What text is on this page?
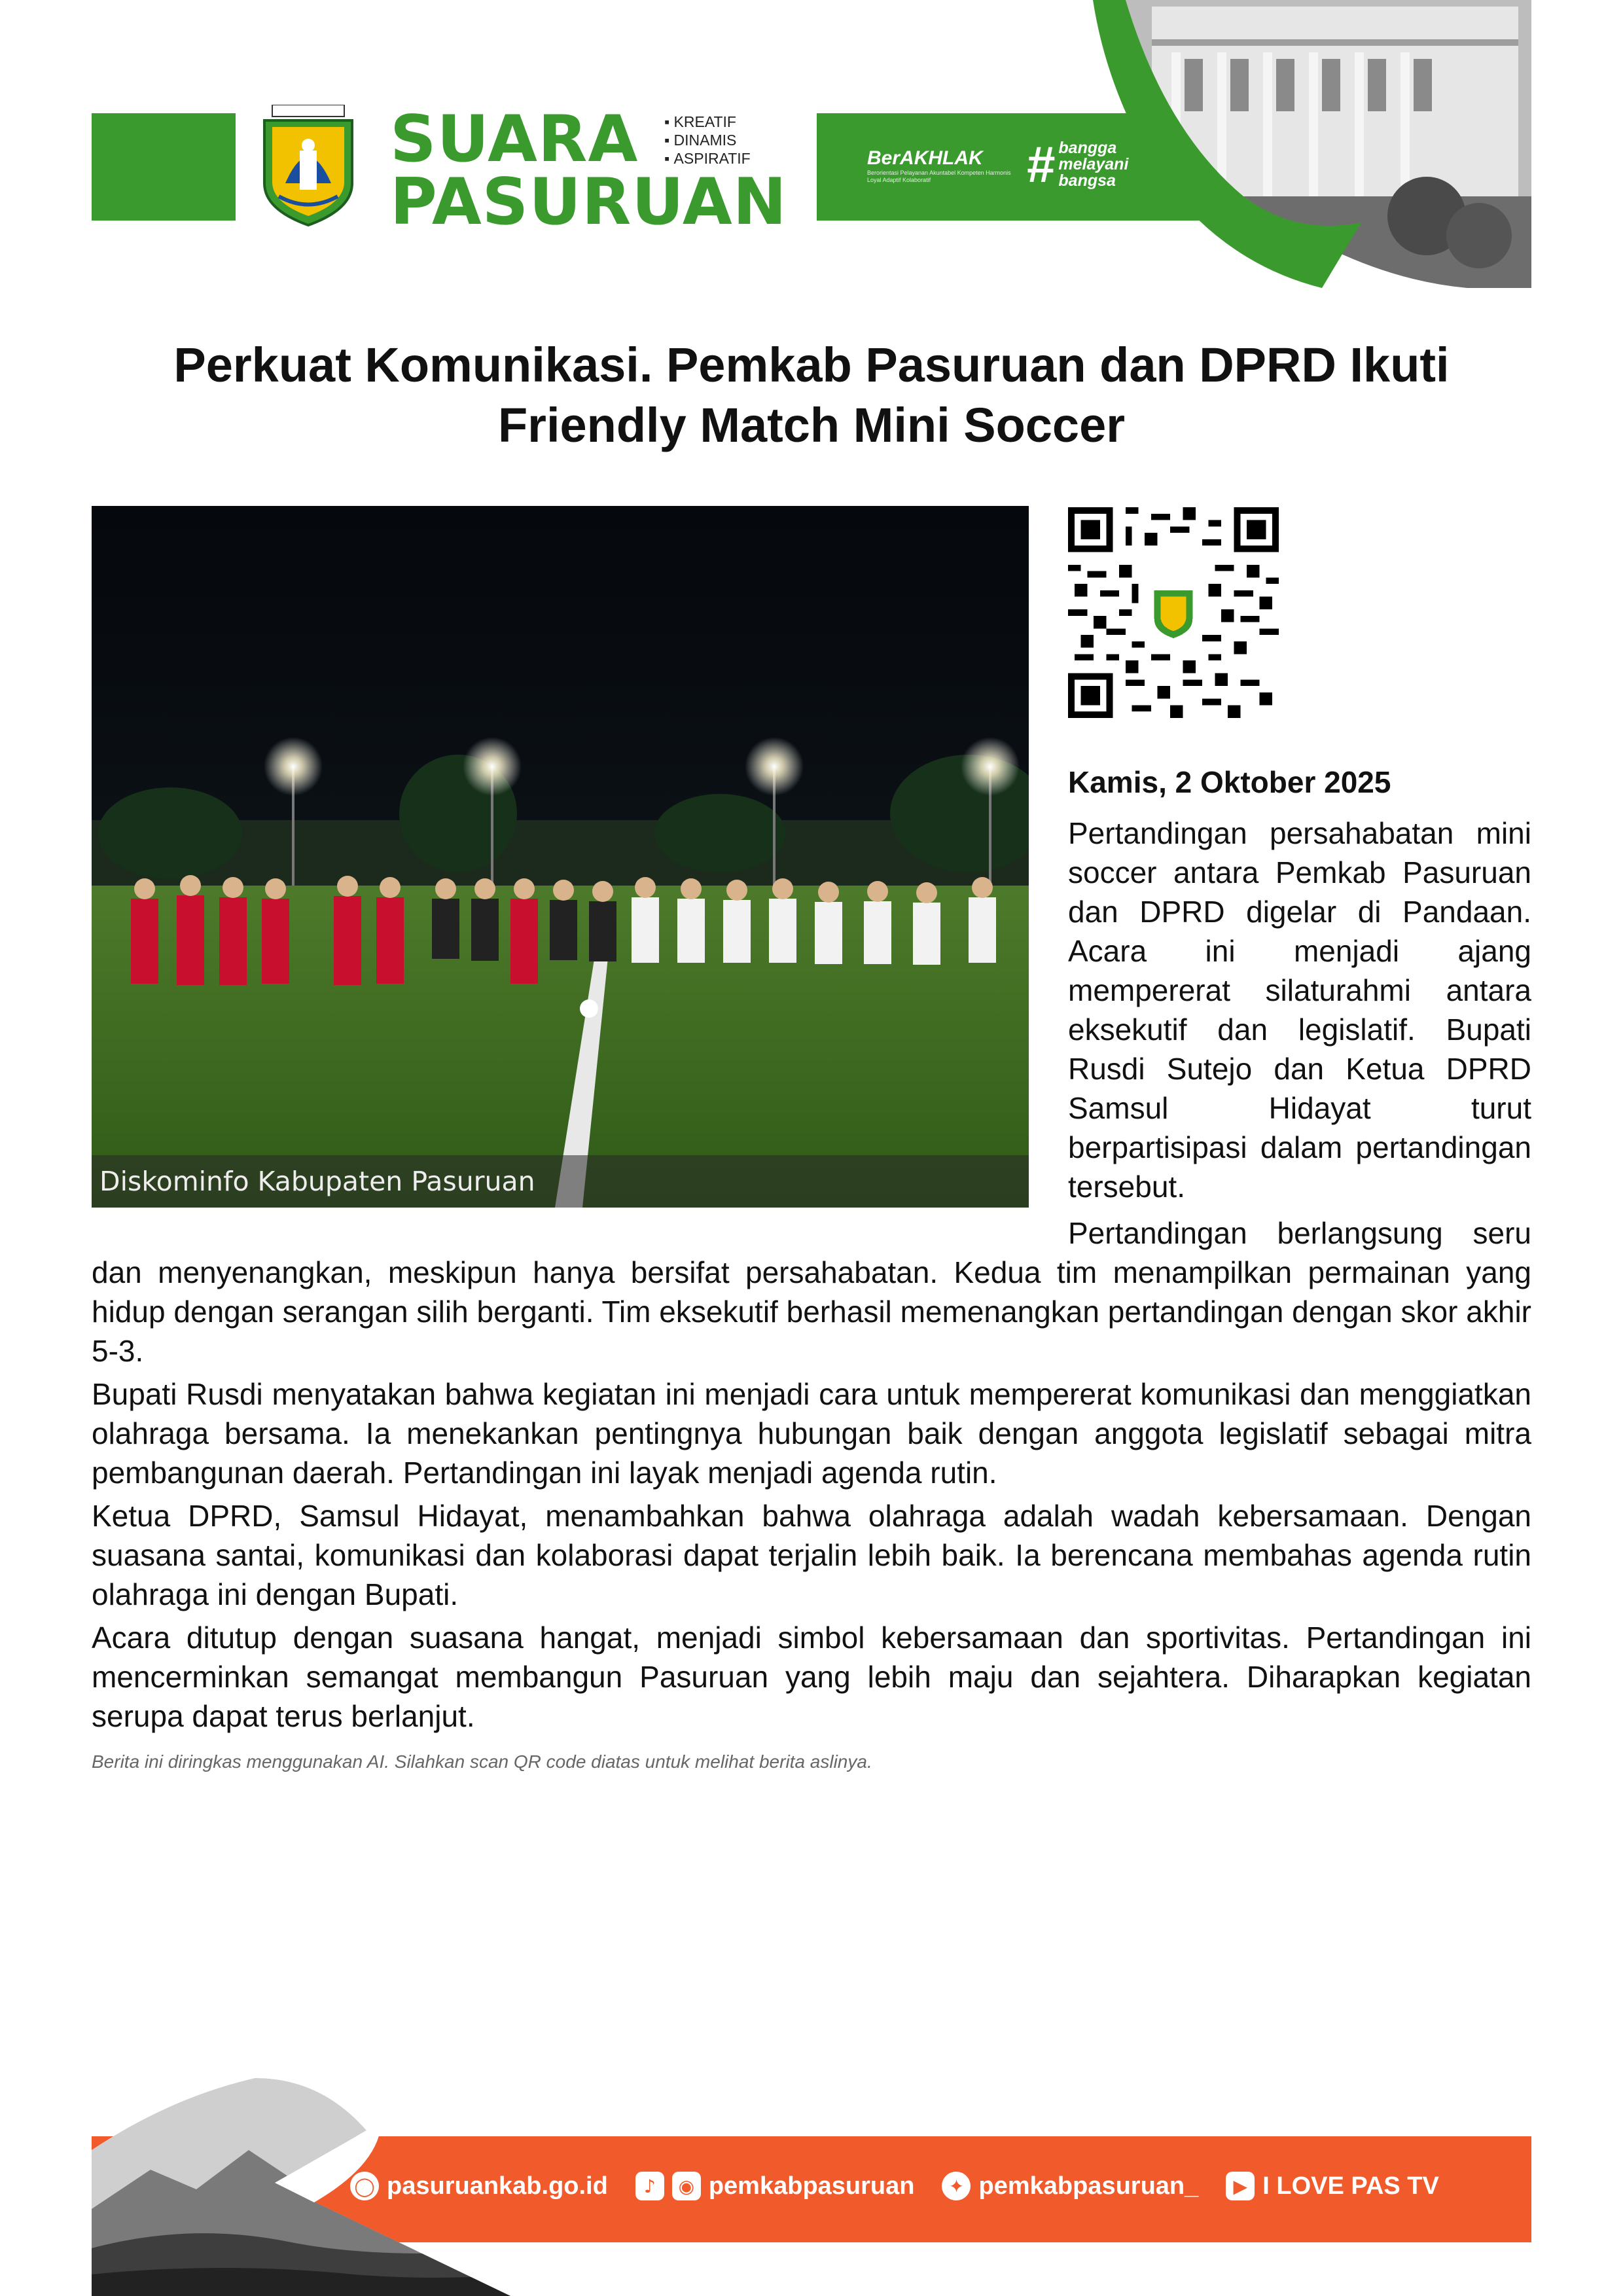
SUARA
PASURUAN
▪ KREATIF
▪ DINAMIS
▪ ASPIRATIF	BerAKHLAK
Berorientasi Pelayanan Akuntabel Kompeten Harmonis Loyal Adaptif Kolaboratif	# bangga
melayani
bangsa
Perkuat Komunikasi. Pemkab Pasuruan dan DPRD Ikuti
Friendly Match Mini Soccer
Diskominfo Kabupaten Pasuruan
Kamis, 2 Oktober 2025
Pertandingan persahabatan mini soccer antara Pemkab Pasuruan dan DPRD digelar di Pandaan. Acara ini menjadi ajang mempererat silaturahmi antara eksekutif dan legislatif. Bupati Rusdi Sutejo dan Ketua DPRD Samsul Hidayat turut berpartisipasi dalam pertandingan tersebut.

Pertandingan berlangsung seru dan menyenangkan, meskipun hanya bersifat persahabatan. Kedua tim menampilkan permainan yang hidup dengan serangan silih berganti. Tim eksekutif berhasil memenangkan pertandingan dengan skor akhir 5-3.

Bupati Rusdi menyatakan bahwa kegiatan ini menjadi cara untuk mempererat komunikasi dan menggiatkan olahraga bersama. Ia menekankan pentingnya hubungan baik dengan anggota legislatif sebagai mitra pembangunan daerah. Pertandingan ini layak menjadi agenda rutin.

Ketua DPRD, Samsul Hidayat, menambahkan bahwa olahraga adalah wadah kebersamaan. Dengan suasana santai, komunikasi dan kolaborasi dapat terjalin lebih baik. Ia berencana membahas agenda rutin olahraga ini dengan Bupati.

Acara ditutup dengan suasana hangat, menjadi simbol kebersamaan dan sportivitas. Pertandingan ini mencerminkan semangat membangun Pasuruan yang lebih maju dan sejahtera. Diharapkan kegiatan serupa dapat terus berlanjut.

Berita ini diringkas menggunakan AI. Silahkan scan QR code diatas untuk melihat berita aslinya.
◯ pasuruankab.go.id	♪	◉ pemkabpasuruan	✦ pemkabpasuruan_	▶ I LOVE PAS TV
